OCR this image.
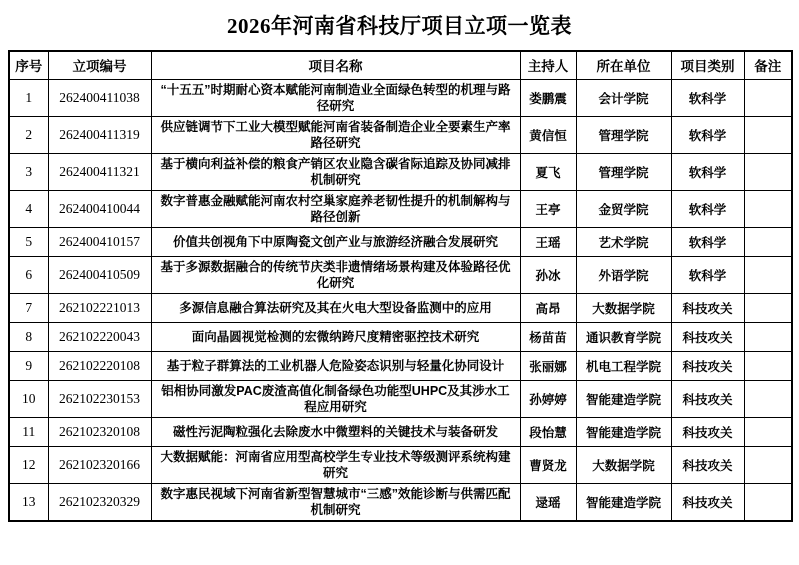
2026年河南省科技厅项目立项一览表
序号	立项编号	项目名称	主持人	所在单位	项目类别	备注
1	262400411038	“十五五”时期耐心资本赋能河南制造业全面绿色转型的机理与路径研究	娄鹏震	会计学院	软科学	
2	262400411319	供应链调节下工业大模型赋能河南省装备制造企业全要素生产率路径研究	黄信恒	管理学院	软科学	
3	262400411321	基于横向利益补偿的粮食产销区农业隐含碳省际追踪及协同减排机制研究	夏飞	管理学院	软科学	
4	262400410044	数字普惠金融赋能河南农村空巢家庭养老韧性提升的机制解构与路径创新	王亭	金贸学院	软科学	
5	262400410157	价值共创视角下中原陶瓷文创产业与旅游经济融合发展研究	王瑶	艺术学院	软科学	
6	262400410509	基于多源数据融合的传统节庆类非遗情绪场景构建及体验路径优化研究	孙冰	外语学院	软科学	
7	262102221013	多源信息融合算法研究及其在火电大型设备监测中的应用	高昂	大数据学院	科技攻关	
8	262102220043	面向晶圆视觉检测的宏微纳跨尺度精密驱控技术研究	杨苗苗	通识教育学院	科技攻关	
9	262102220108	基于粒子群算法的工业机器人危险姿态识别与轻量化协同设计	张丽娜	机电工程学院	科技攻关	
10	262102230153	铝相协同激发PAC废渣高值化制备绿色功能型UHPC及其涉水工程应用研究	孙婷婷	智能建造学院	科技攻关	
11	262102320108	磁性污泥陶粒强化去除废水中微塑料的关键技术与装备研发	段怡慧	智能建造学院	科技攻关	
12	262102320166	大数据赋能：河南省应用型高校学生专业技术等级测评系统构建研究	曹贤龙	大数据学院	科技攻关	
13	262102320329	数字惠民视域下河南省新型智慧城市“三感”效能诊断与供需匹配机制研究	逯瑶	智能建造学院	科技攻关	
